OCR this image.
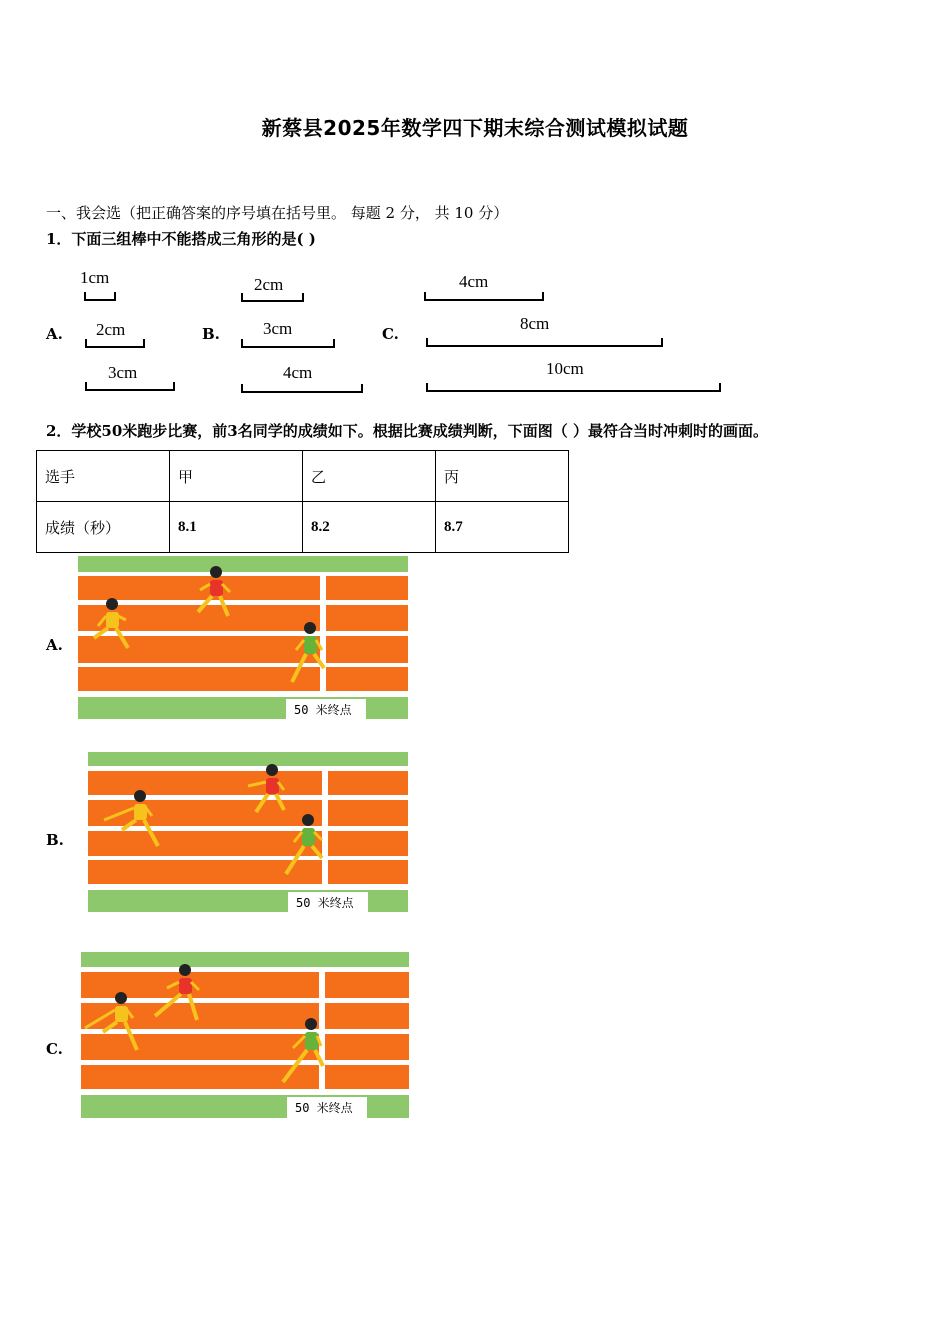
新蔡县2025年数学四下期末综合测试模拟试题
一、我会选（把正确答案的序号填在括号里。 每题 2 分， 共 10 分）
1．下面三组棒中不能搭成三角形的是( )
A.
1cm
2cm
3cm
B.
2cm
3cm
4cm
C.
4cm
8cm
10cm
2．学校50米跑步比赛，前3名同学的成绩如下。根据比赛成绩判断，下面图（ ）最符合当时冲刺时的画面。
选手	甲	乙	丙
成绩（秒）	8.1	8.2	8.7
A.
50 米终点
B.
50 米终点
C.
50 米终点
